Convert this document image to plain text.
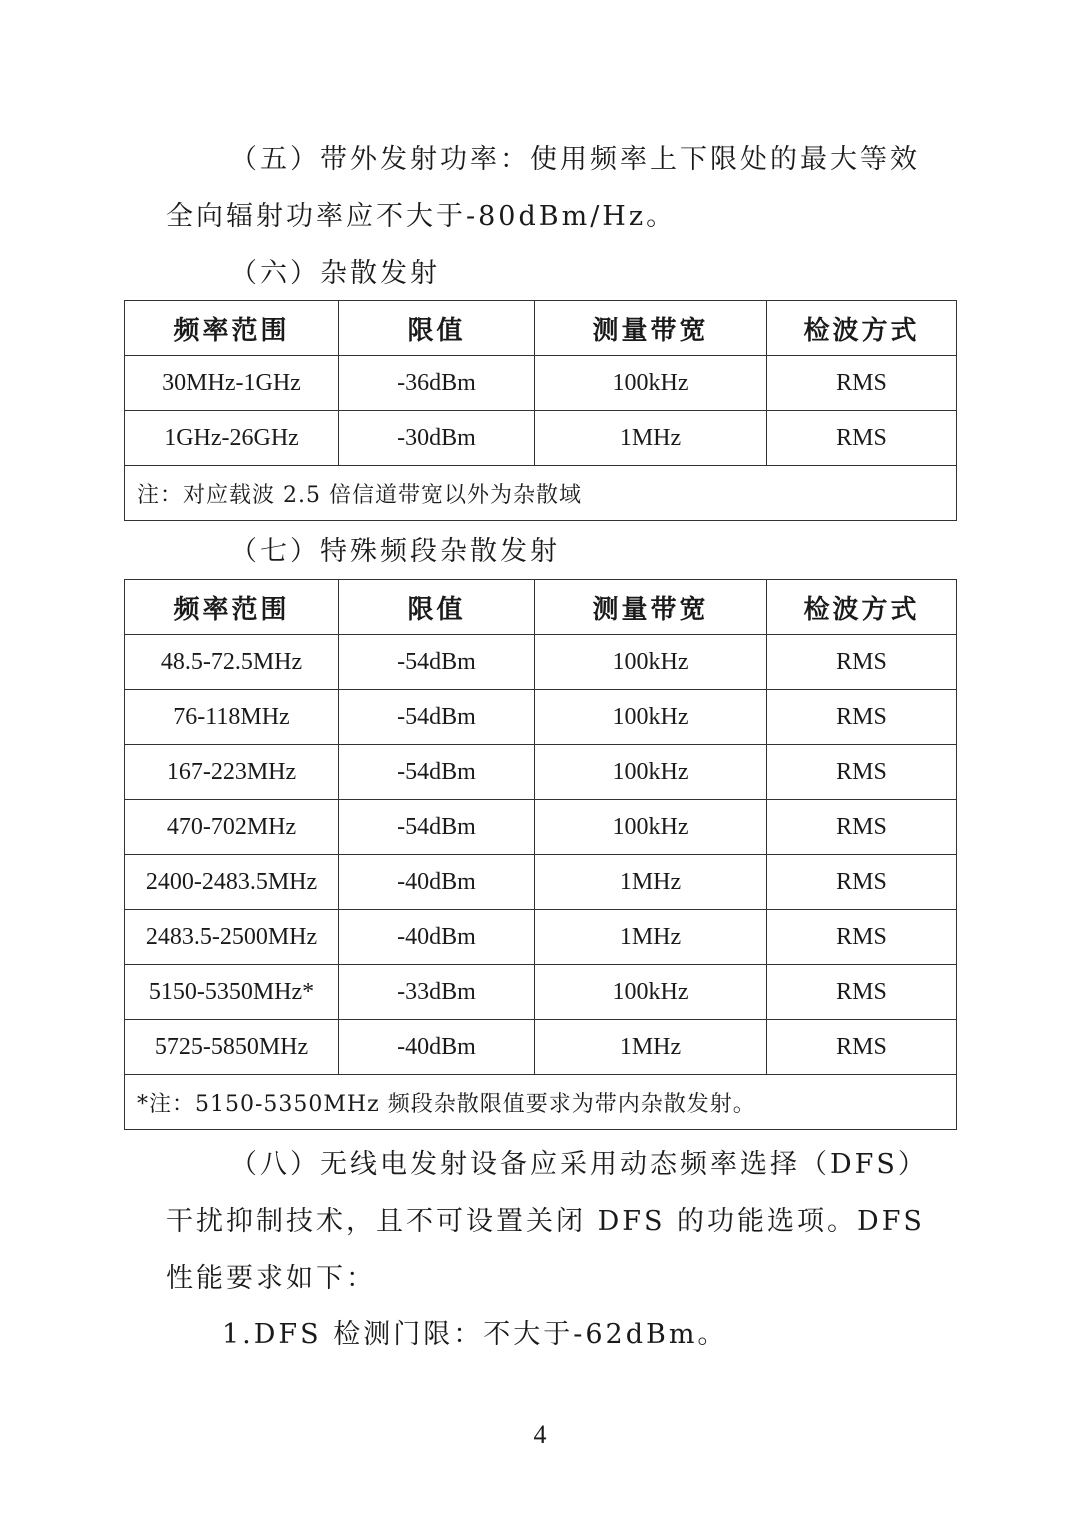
（五）带外发射功率：使用频率上下限处的最大等效全向辐射功率应不大于-80dBm/Hz。

（六）杂散发射

频率范围	限值	测量带宽	检波方式
30MHz-1GHz	-36dBm	100kHz	RMS
1GHz-26GHz	-30dBm	1MHz	RMS
注：对应载波 2.5 倍信道带宽以外为杂散域			

（七）特殊频段杂散发射

频率范围	限值	测量带宽	检波方式
48.5-72.5MHz	-54dBm	100kHz	RMS
76-118MHz	-54dBm	100kHz	RMS
167-223MHz	-54dBm	100kHz	RMS
470-702MHz	-54dBm	100kHz	RMS
2400-2483.5MHz	-40dBm	1MHz	RMS
2483.5-2500MHz	-40dBm	1MHz	RMS
5150-5350MHz*	-33dBm	100kHz	RMS
5725-5850MHz	-40dBm	1MHz	RMS
*注：5150-5350MHz 频段杂散限值要求为带内杂散发射。			

（八）无线电发射设备应采用动态频率选择（DFS）干扰抑制技术，且不可设置关闭 DFS 的功能选项。DFS 性能要求如下：

1.DFS 检测门限：不大于-62dBm。

4
